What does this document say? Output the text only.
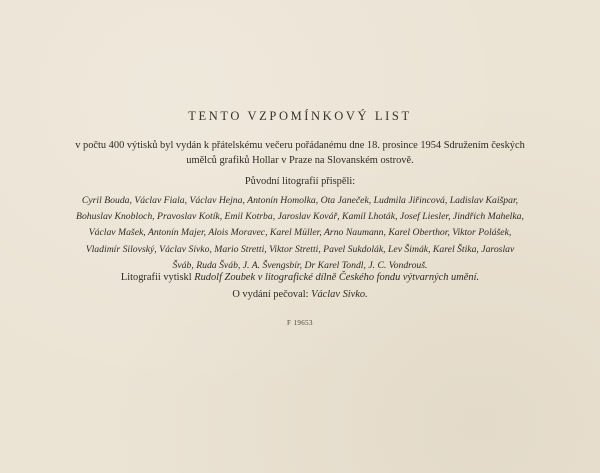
TENTO VZPOMÍNKOVÝ LIST
v počtu 400 výtisků byl vydán k přátelskému večeru pořádanému dne 18. prosince 1954 Sdružením českých
umělců grafiků Hollar v Praze na Slovanském ostrově.
Původní litografií přispěli:
Cyril Bouda, Václav Fiala, Václav Hejna, Antonín Homolka, Ota Janeček, Ludmila Jiřincová, Ladislav Kaišpar,
Bohuslav Knobloch, Pravoslav Kotík, Emil Kotrba, Jaroslav Kovář, Kamil Lhoták, Josef Liesler, Jindřich Mahelka,
Václav Mašek, Antonín Majer, Alois Moravec, Karel Müller, Arno Naumann, Karel Oberthor, Viktor Polášek,
Vladimír Silovský, Václav Sivko, Mario Stretti, Viktor Stretti, Pavel Sukdolák, Lev Šimák, Karel Štika, Jaroslav
Šváb, Ruda Šváb, J. A. Švengsbír, Dr Karel Tondl, J. C. Vondrouš.
Litografii vytiskl Rudolf Zoubek v litografické dílně Českého fondu výtvarných umění.
O vydání pečoval: Václav Sivko.
F 19653
